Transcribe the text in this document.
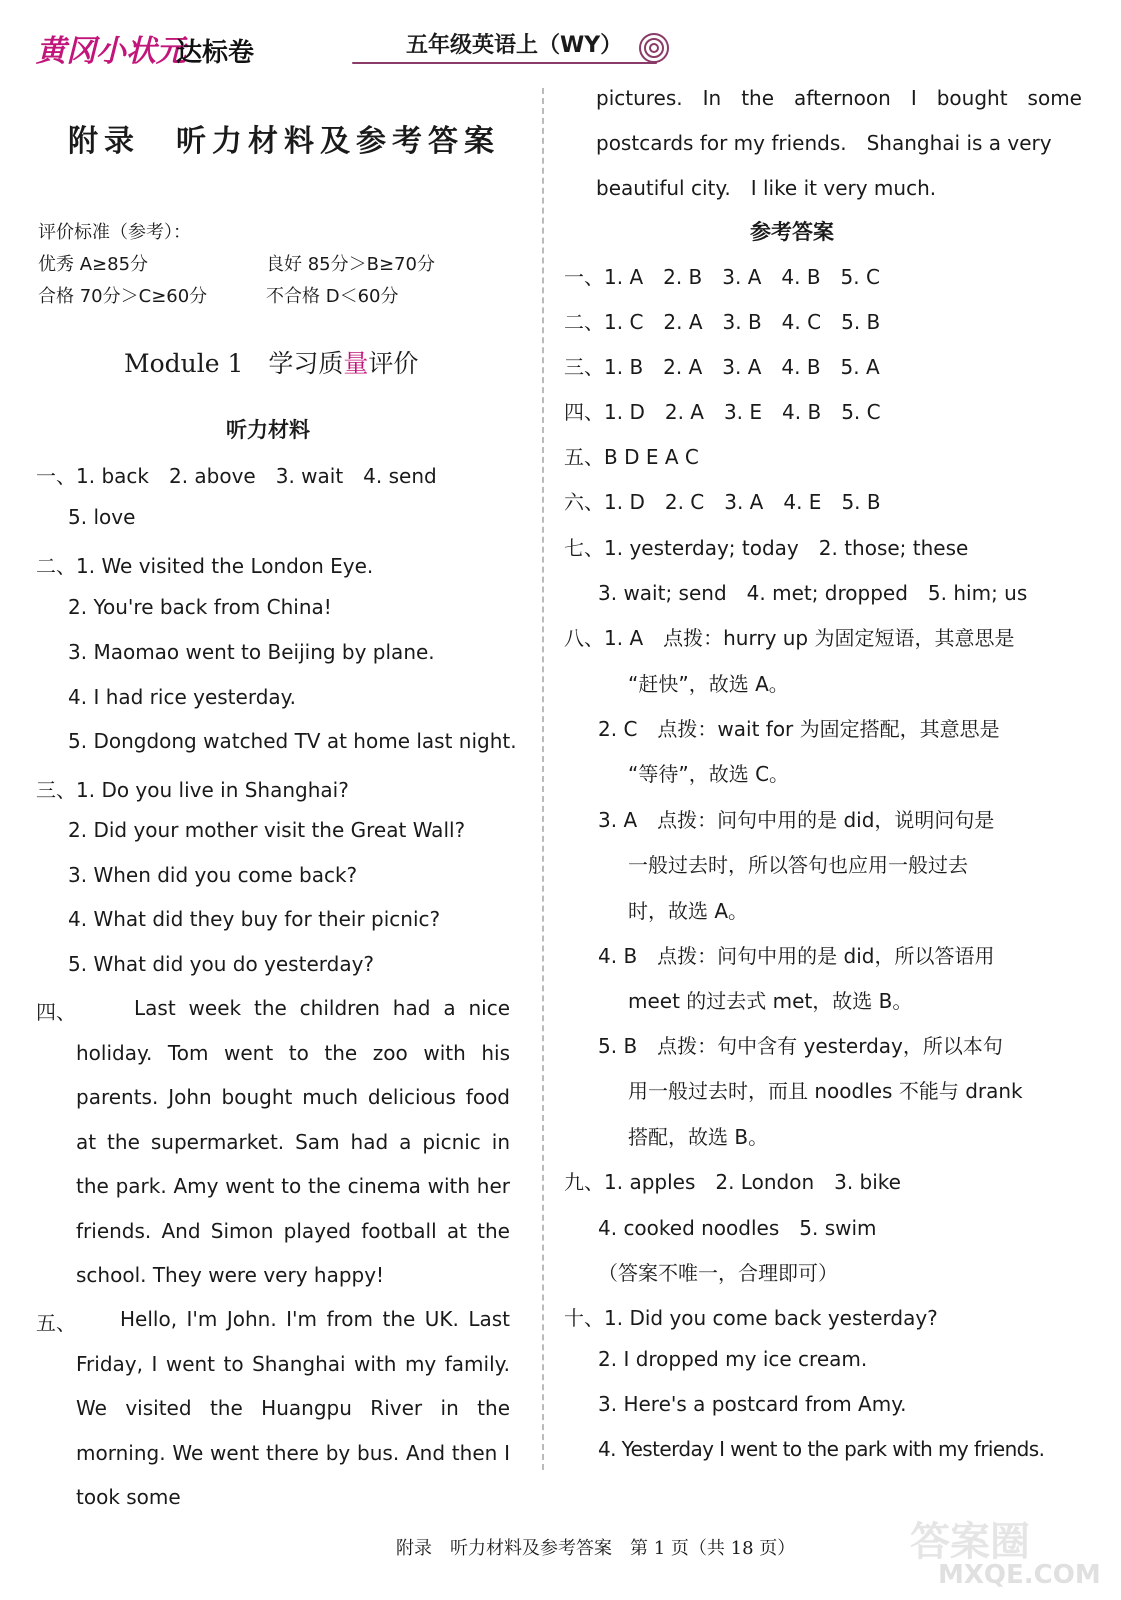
黄冈小状元
达标卷	五年级英语上（WY）
附录　听力材料及参考答案
评价标准（参考）：
优秀 A≥85分	良好 85分＞B≥70分
合格 70分＞C≥60分	不合格 D＜60分
Module 1　学习质量评价
听力材料
一、1. back　2. above　3. wait　4. send
5. love
二、1. We visited the London Eye.
2. You're back from China!
3. Maomao went to Beijing by plane.
4. I had rice yesterday.
5. Dongdong watched TV at home last night.
三、1. Do you live in Shanghai?
2. Did your mother visit the Great Wall?
3. When did you come back?
4. What did they buy for their picnic?
5. What did you do yesterday?
四、	Last week the children had a nice holiday. Tom went to the zoo with his parents. John bought much delicious food at the supermarket. Sam had a picnic in the park. Amy went to the cinema with her friends. And Simon played football at the school. They were very happy!
五、	Hello, I'm John. I'm from the UK. Last Friday, I went to Shanghai with my family. We visited the Huangpu River in the morning. We went there by bus. And then I took some
pictures.　In　the　afternoon　I　bought　some
postcards for my friends.　Shanghai is a very
beautiful city.　I like it very much.
参考答案
一、1. A　2. B　3. A　4. B　5. C
二、1. C　2. A　3. B　4. C　5. B
三、1. B　2. A　3. A　4. B　5. A
四、1. D　2. A　3. E　4. B　5. C
五、B D E A C
六、1. D　2. C　3. A　4. E　5. B
七、1. yesterday; today　2. those; these
3. wait; send　4. met; dropped　5. him; us
八、1. A　点拨：hurry up 为固定短语，其意思是
“赶快”，故选 A。
2. C　点拨：wait for 为固定搭配，其意思是
“等待”，故选 C。
3. A　点拨：问句中用的是 did，说明问句是
一般过去时，所以答句也应用一般过去
时，故选 A。
4. B　点拨：问句中用的是 did，所以答语用
meet 的过去式 met，故选 B。
5. B　点拨：句中含有 yesterday，所以本句
用一般过去时，而且 noodles 不能与 drank
搭配，故选 B。
九、1. apples　2. London　3. bike
4. cooked noodles　5. swim
（答案不唯一，合理即可）
十、1. Did you come back yesterday?
2. I dropped my ice cream.
3. Here's a postcard from Amy.
4. Yesterday I went to the park with my friends.
附录　听力材料及参考答案　第 1 页（共 18 页）	答案圈
MXQE.COM
